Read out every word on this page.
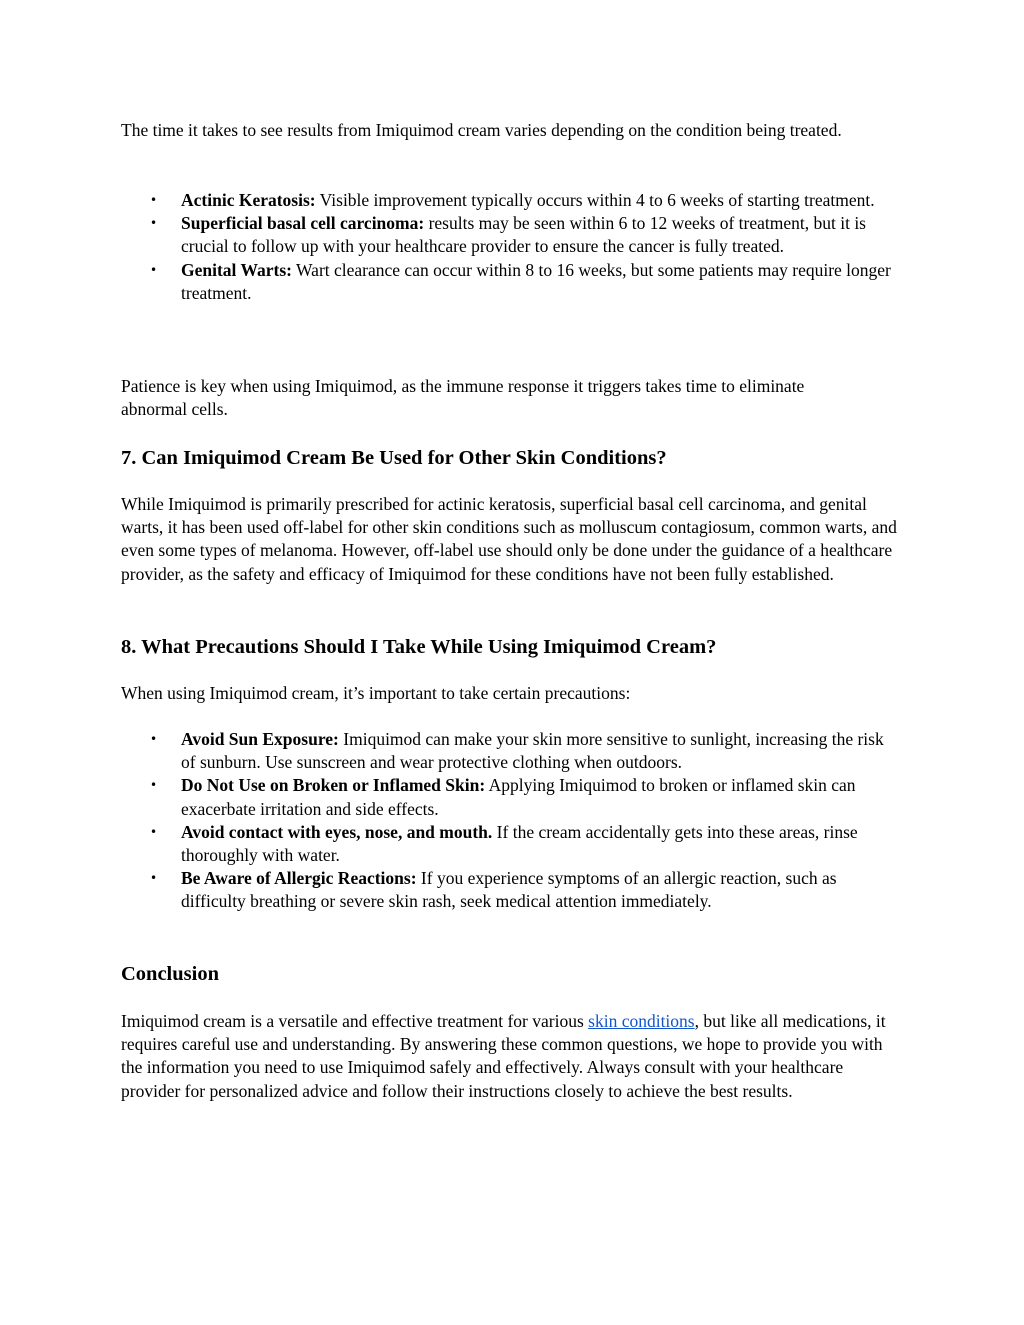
The time it takes to see results from Imiquimod cream varies depending on the condition being treated.

• Actinic Keratosis: Visible improvement typically occurs within 4 to 6 weeks of starting treatment.
• Superficial basal cell carcinoma: results may be seen within 6 to 12 weeks of treatment, but it is crucial to follow up with your healthcare provider to ensure the cancer is fully treated.
• Genital Warts: Wart clearance can occur within 8 to 16 weeks, but some patients may require longer treatment.

Patience is key when using Imiquimod, as the immune response it triggers takes time to eliminate abnormal cells.

7. Can Imiquimod Cream Be Used for Other Skin Conditions?

While Imiquimod is primarily prescribed for actinic keratosis, superficial basal cell carcinoma, and genital warts, it has been used off-label for other skin conditions such as molluscum contagiosum, common warts, and even some types of melanoma. However, off-label use should only be done under the guidance of a healthcare provider, as the safety and efficacy of Imiquimod for these conditions have not been fully established.

8. What Precautions Should I Take While Using Imiquimod Cream?

When using Imiquimod cream, it’s important to take certain precautions:

• Avoid Sun Exposure: Imiquimod can make your skin more sensitive to sunlight, increasing the risk of sunburn. Use sunscreen and wear protective clothing when outdoors.
• Do Not Use on Broken or Inflamed Skin: Applying Imiquimod to broken or inflamed skin can exacerbate irritation and side effects.
• Avoid contact with eyes, nose, and mouth. If the cream accidentally gets into these areas, rinse thoroughly with water.
• Be Aware of Allergic Reactions: If you experience symptoms of an allergic reaction, such as difficulty breathing or severe skin rash, seek medical attention immediately.
Conclusion

Imiquimod cream is a versatile and effective treatment for various skin conditions, but like all medications, it requires careful use and understanding. By answering these common questions, we hope to provide you with the information you need to use Imiquimod safely and effectively. Always consult with your healthcare provider for personalized advice and follow their instructions closely to achieve the best results.
